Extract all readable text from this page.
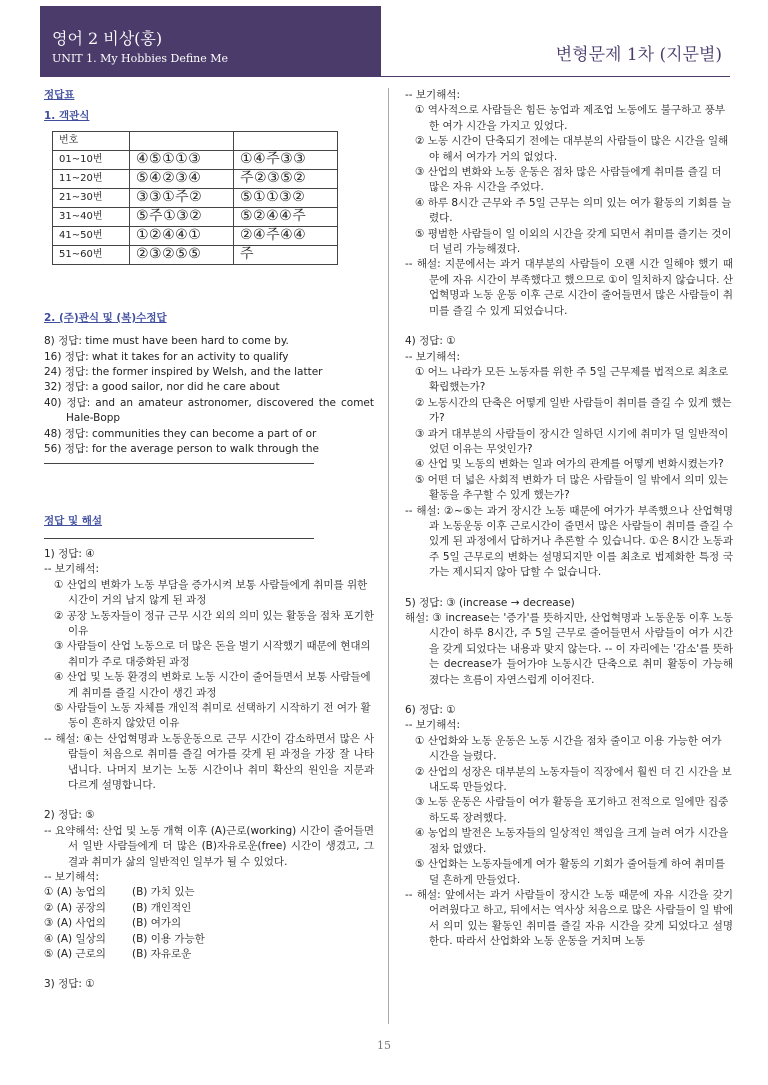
영어 2 비상(홍)
UNIT 1. My Hobbies Define Me	변형문제 1차 (지문별)
정답표
1. 객관식
번호		
01~10번	④⑤①①③	①④주③③
11~20번	⑤④②③④	주②③⑤②
21~30번	③③①주②	⑤①①③②
31~40번	⑤주①③②	⑤②④④주
41~50번	①②④④①	②④주④④
51~60번	②③②⑤⑤	주
2. (주)관식 및 (복)수정답
8) 정답: time must have been hard to come by.
16) 정답: what it takes for an activity to qualify
24) 정답: the former inspired by Welsh, and the latter
32) 정답: a good sailor, nor did he care about
40) 정답: and an amateur astronomer, discovered the comet Hale-Bopp
48) 정답: communities they can become a part of or
56) 정답: for the average person to walk through the
정답 및 해설
1) 정답: ④
-- 보기해석:
① 산업의 변화가 노동 부담을 증가시켜 보통 사람들에게 취미를 위한 시간이 거의 남지 않게 된 과정
② 공장 노동자들이 정규 근무 시간 외의 의미 있는 활동을 점차 포기한 이유
③ 사람들이 산업 노동으로 더 많은 돈을 벌기 시작했기 때문에 현대의 취미가 주로 대중화된 과정
④ 산업 및 노동 환경의 변화로 노동 시간이 줄어들면서 보통 사람들에게 취미를 즐길 시간이 생긴 과정
⑤ 사람들이 노동 자체를 개인적 취미로 선택하기 시작하기 전 여가 활동이 흔하지 않았던 이유
-- 해설: ④는 산업혁명과 노동운동으로 근무 시간이 감소하면서 많은 사람들이 처음으로 취미를 즐길 여가를 갖게 된 과정을 가장 잘 나타냅니다. 나머지 보기는 노동 시간이나 취미 확산의 원인을 지문과 다르게 설명합니다.
2) 정답: ⑤
-- 요약해석: 산업 및 노동 개혁 이후 (A)근로(working) 시간이 줄어들면서 일반 사람들에게 더 많은 (B)자유로운(free) 시간이 생겼고, 그 결과 취미가 삶의 일반적인 일부가 될 수 있었다.
-- 보기해석:
① (A) 농업의	(B) 가치 있는
② (A) 공장의	(B) 개인적인
③ (A) 사업의	(B) 여가의
④ (A) 일상의	(B) 이용 가능한
⑤ (A) 근로의	(B) 자유로운
3) 정답: ①
-- 보기해석:
① 역사적으로 사람들은 힘든 농업과 제조업 노동에도 불구하고 풍부한 여가 시간을 가지고 있었다.
② 노동 시간이 단축되기 전에는 대부분의 사람들이 많은 시간을 일해야 해서 여가가 거의 없었다.
③ 산업의 변화와 노동 운동은 점차 많은 사람들에게 취미를 즐길 더 많은 자유 시간을 주었다.
④ 하루 8시간 근무와 주 5일 근무는 의미 있는 여가 활동의 기회를 늘렸다.
⑤ 평범한 사람들이 일 이외의 시간을 갖게 되면서 취미를 즐기는 것이 더 널리 가능해졌다.
-- 해설: 지문에서는 과거 대부분의 사람들이 오랜 시간 일해야 했기 때문에 자유 시간이 부족했다고 했으므로 ①이 일치하지 않습니다. 산업혁명과 노동 운동 이후 근로 시간이 줄어들면서 많은 사람들이 취미를 즐길 수 있게 되었습니다.
4) 정답: ①
-- 보기해석:
① 어느 나라가 모든 노동자를 위한 주 5일 근무제를 법적으로 최초로 확립했는가?
② 노동시간의 단축은 어떻게 일반 사람들이 취미를 즐길 수 있게 했는가?
③ 과거 대부분의 사람들이 장시간 일하던 시기에 취미가 덜 일반적이었던 이유는 무엇인가?
④ 산업 및 노동의 변화는 일과 여가의 관계를 어떻게 변화시켰는가?
⑤ 어떤 더 넓은 사회적 변화가 더 많은 사람들이 일 밖에서 의미 있는 활동을 추구할 수 있게 했는가?
-- 해설: ②~⑤는 과거 장시간 노동 때문에 여가가 부족했으나 산업혁명과 노동운동 이후 근로시간이 줄면서 많은 사람들이 취미를 즐길 수 있게 된 과정에서 답하거나 추론할 수 있습니다. ①은 8시간 노동과 주 5일 근무로의 변화는 설명되지만 이를 최초로 법제화한 특정 국가는 제시되지 않아 답할 수 없습니다.
5) 정답: ③ (increase → decrease)
해설: ③ increase는 '증가'를 뜻하지만, 산업혁명과 노동운동 이후 노동시간이 하루 8시간, 주 5일 근무로 줄어들면서 사람들이 여가 시간을 갖게 되었다는 내용과 맞지 않는다. -- 이 자리에는 '감소'를 뜻하는 decrease가 들어가야 노동시간 단축으로 취미 활동이 가능해졌다는 흐름이 자연스럽게 이어진다.
6) 정답: ①
-- 보기해석:
① 산업화와 노동 운동은 노동 시간을 점차 줄이고 이용 가능한 여가 시간을 늘렸다.
② 산업의 성장은 대부분의 노동자들이 직장에서 훨씬 더 긴 시간을 보내도록 만들었다.
③ 노동 운동은 사람들이 여가 활동을 포기하고 전적으로 일에만 집중하도록 장려했다.
④ 농업의 발전은 노동자들의 일상적인 책임을 크게 늘려 여가 시간을 점차 없앴다.
⑤ 산업화는 노동자들에게 여가 활동의 기회가 줄어들게 하여 취미를 덜 흔하게 만들었다.
-- 해설: 앞에서는 과거 사람들이 장시간 노동 때문에 자유 시간을 갖기 어려웠다고 하고, 뒤에서는 역사상 처음으로 많은 사람들이 일 밖에서 의미 있는 활동인 취미를 즐길 자유 시간을 갖게 되었다고 설명한다. 따라서 산업화와 노동 운동을 거치며 노동
15
